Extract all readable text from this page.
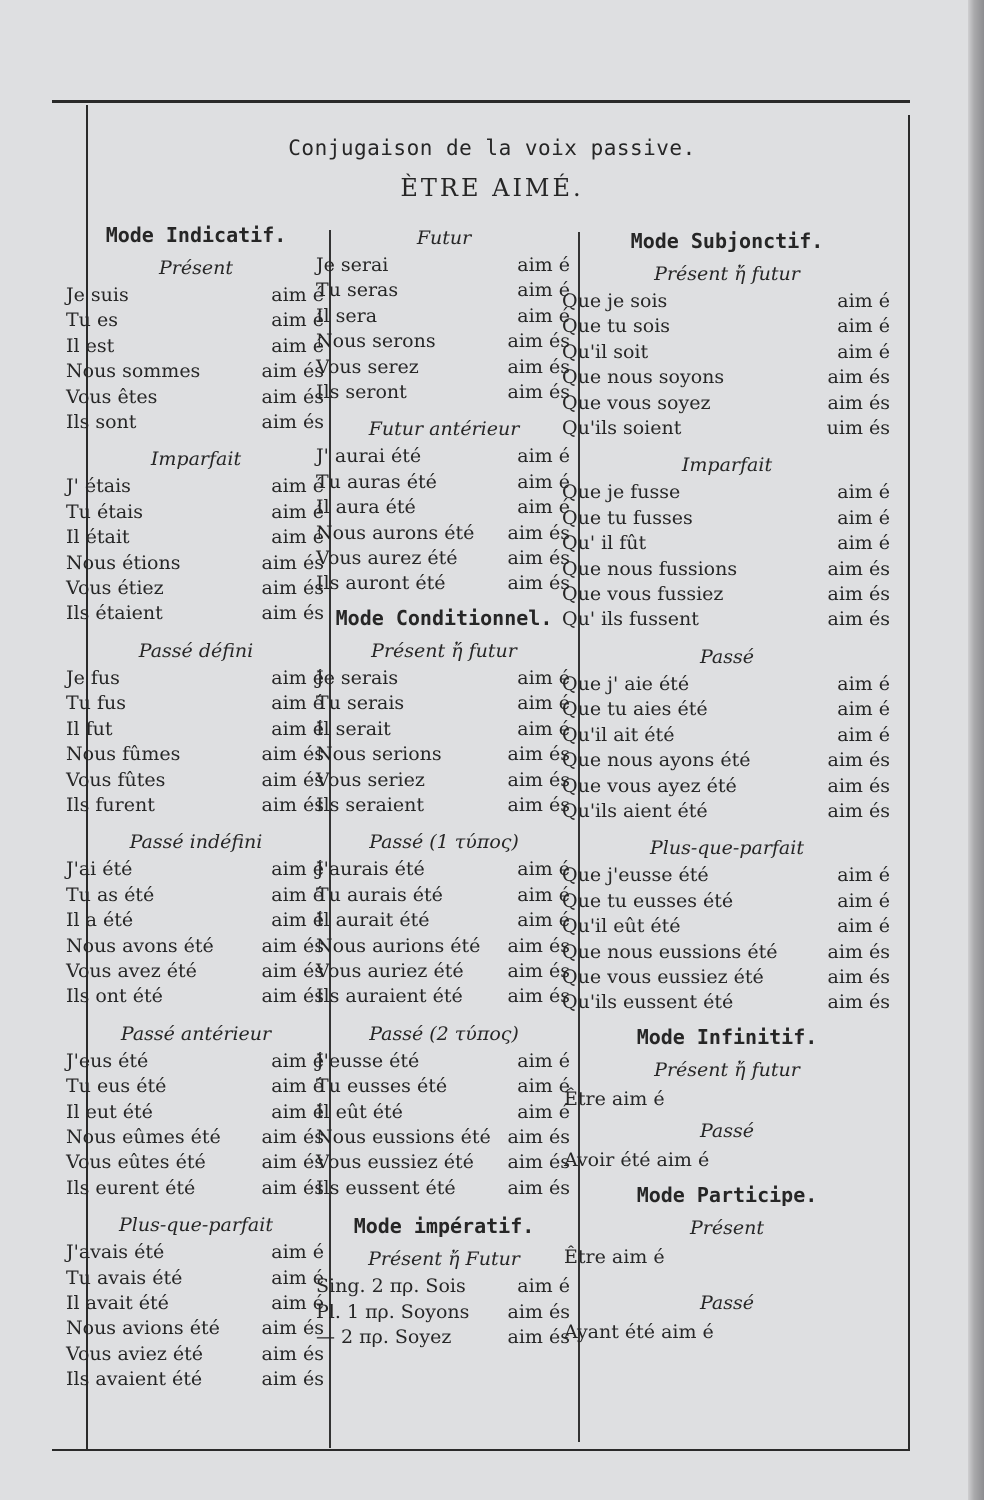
Conjugaison de la voix passive.
ÈTRE AIMÉ.
Mode Indicatif.
Présent
Je suis	aim é
Tu es	aim é
Il est	aim é
Nous sommes	aim és
Vous êtes	aim és
Ils sont	aim és
Imparfait
J' étais	aim é
Tu étais	aim é
Il était	aim é
Nous étions	aim és
Vous étiez	aim és
Ils étaient	aim és
Passé défini
Je fus	aim é
Tu fus	aim é
Il fut	aim é
Nous fûmes	aim és
Vous fûtes	aim és
Ils furent	aim és
Passé indéfini
J'ai été	aim é
Tu as été	aim é
Il a été	aim é
Nous avons été	aim és
Vous avez été	aim és
Ils ont été	aim és
Passé antérieur
J'eus été	aim é
Tu eus été	aim é
Il eut été	aim é
Nous eûmes été aim és
Vous eûtes été	aim és
Ils eurent été	aim és
Plus-que-parfait
J'avais été	aim é
Tu avais été	aim é
Il avait été	aim é
Nous avions été aim és
Vous aviez été	aim és
Ils avaient été	aim és
Futur
Je serai	aim é
Tu seras	aim é
Il sera	aim é
Nous serons	aim és
Vous serez	aim és
Ils seront	aim és
Futur antérieur
J' aurai été	aim é
Tu auras été	aim é
Il aura été	aim é
Nous aurons été aim és
Vous aurez été	aim és
Ils auront été	aim és
Mode Conditionnel.
Présent ἤ futur
Je serais	aim é
Tu serais	aim é
Il serait	aim é
Nous serions	aim és
Vous seriez	aim és
Ils seraient	aim és
Passé (1 τύπος)
J'aurais été	aim é
Tu aurais été	aim é
Il aurait été	aim é
Nous aurions été aim és
Vous auriez été aim és
Ils auraient été aim és
Passé (2 τύπος)
J'eusse été	aim é
Tu eusses été	aim é
Il eût été	aim é
Nous eussions été aim és
Vous eussiez été aim és
Ils eussent été	aim és
Mode impératif.
Présent ἤ Futur
Sing. 2 πρ. Sois	aim é
Pl. 1 πρ. Soyons aim és
— 2 πρ. Soyez	aim és
Mode Subjonctif.
Présent ἤ futur
Que je sois	aim é
Que tu sois	aim é
Qu'il soit	aim é
Que nous soyons	aim és
Que vous soyez	aim és
Qu'ils soient	uim és
Imparfait
Que je fusse	aim é
Que tu fusses	aim é
Qu' il fût	aim é
Que nous fussions	aim és
Que vous fussiez	aim és
Qu' ils fussent	aim és
Passé
Que j' aie été	aim é
Que tu aies été	aim é
Qu'il ait été	aim é
Que nous ayons été	aim és
Que vous ayez été	aim és
Qu'ils aient été	aim és
Plus-que-parfait
Que j'eusse été	aim é
Que tu eusses été	aim é
Qu'il eût été	aim é
Que nous eussions été	aim és
Que vous eussiez été	aim és
Qu'ils eussent été	aim és
Mode Infinitif.
Présent ἤ futur
Être aim é
Passé
Avoir été aim é
Mode Participe.
Présent
Être aim é
Passé
Ayant été aim é
